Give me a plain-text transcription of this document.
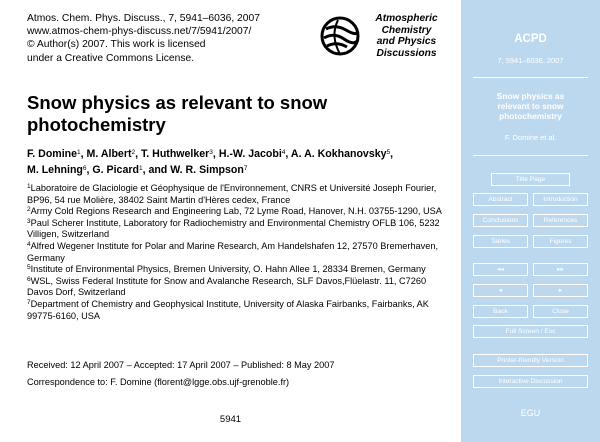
Atmos. Chem. Phys. Discuss., 7, 5941–6036, 2007
www.atmos-chem-phys-discuss.net/7/5941/2007/
© Author(s) 2007. This work is licensed
under a Creative Commons License.
Atmospheric
Chemistry
and Physics
Discussions
Snow physics as relevant to snow
photochemistry
F. Domine$^1$, M. Albert$^2$, T. Huthwelker$^3$, H.-W. Jacobi$^4$, A. A. Kokhanovsky$^5$,
M. Lehning$^6$, G. Picard$^1$, and W. R. Simpson$^7$

$^1$Laboratoire de Glaciologie et Géophysique de l'Environnement, CNRS et Université Joseph Fourier, BP96, 54 rue Molière, 38402 Saint Martin d'Hères cedex, France

$^2$Army Cold Regions Research and Engineering Lab, 72 Lyme Road, Hanover, N.H. 03755-1290, USA

$^3$Paul Scherer Institute, Laboratory for Radiochemistry and Environmental Chemistry OFLB 106, 5232 Villigen, Switzerland

$^4$Alfred Wegener Institute for Polar and Marine Research, Am Handelshafen 12, 27570 Bremerhaven, Germany

$^5$Institute of Environmental Physics, Bremen University, O. Hahn Allee 1, 28334 Bremen, Germany

$^6$WSL, Swiss Federal Institute for Snow and Avalanche Research, SLF Davos,Flüelastr. 11, C7260 Davos Dorf, Switzerland

$^7$Department of Chemistry and Geophysical Institute, University of Alaska Fairbanks, Fairbanks, AK 99775-6160, USA

Received: 12 April 2007 – Accepted: 17 April 2007 – Published: 8 May 2007
Correspondence to: F. Domine (florent@lgge.obs.ujf-grenoble.fr)
5941
ACPD
7, 5941–6036, 2007
Snow physics as
relevant to snow
photochemistry
F. Domine et al.
Title Page
Abstract	Introduction
Conclusions	References
Tables	Figures
◂◂	▸▸
◂	▸
Back	Close
Full Screen / Esc
Printer-friendly Version
Interactive Discussion
EGU
